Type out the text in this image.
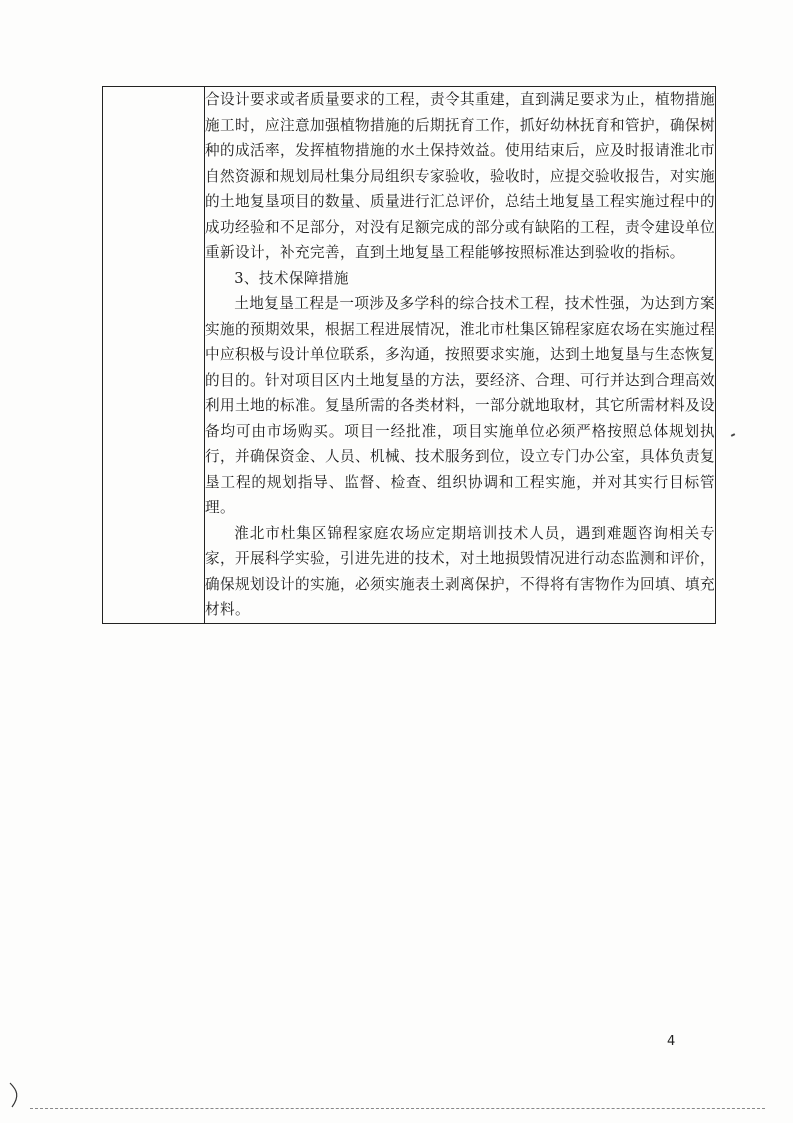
合设计要求或者质量要求的工程，责令其重建，直到满足要求为止，植物措施施工时，应注意加强植物措施的后期抚育工作，抓好幼林抚育和管护，确保树种的成活率，发挥植物措施的水土保持效益。使用结束后，应及时报请淮北市自然资源和规划局杜集分局组织专家验收，验收时，应提交验收报告，对实施的土地复垦项目的数量、质量进行汇总评价，总结土地复垦工程实施过程中的成功经验和不足部分，对没有足额完成的部分或有缺陷的工程，责令建设单位重新设计，补充完善，直到土地复垦工程能够按照标准达到验收的指标。

3、技术保障措施

土地复垦工程是一项涉及多学科的综合技术工程，技术性强，为达到方案实施的预期效果，根据工程进展情况，淮北市杜集区锦程家庭农场在实施过程中应积极与设计单位联系，多沟通，按照要求实施，达到土地复垦与生态恢复的目的。针对项目区内土地复垦的方法，要经济、合理、可行并达到合理高效利用土地的标准。复垦所需的各类材料，一部分就地取材，其它所需材料及设备均可由市场购买。项目一经批准，项目实施单位必须严格按照总体规划执行，并确保资金、人员、机械、技术服务到位，设立专门办公室，具体负责复垦工程的规划指导、监督、检查、组织协调和工程实施，并对其实行目标管理。

淮北市杜集区锦程家庭农场应定期培训技术人员，遇到难题咨询相关专家，开展科学实验，引进先进的技术，对土地损毁情况进行动态监测和评价，确保规划设计的实施，必须实施表土剥离保护，不得将有害物作为回填、填充材料。

4
